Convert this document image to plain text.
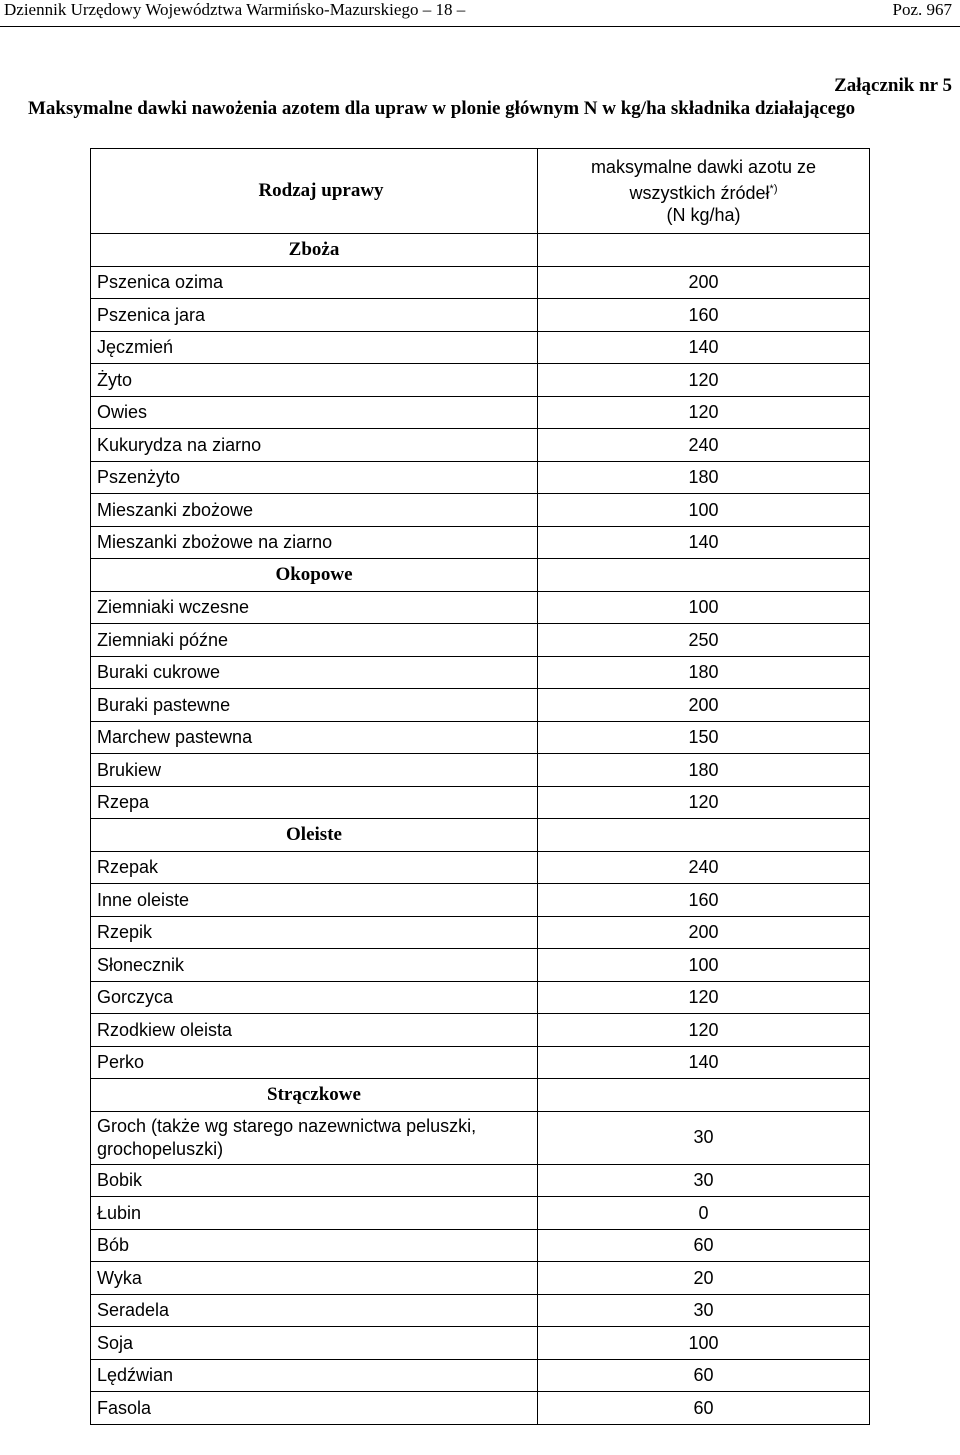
Dziennik Urzędowy Województwa Warmińsko-Mazurskiego – 18 –	Poz. 967
Załącznik nr 5
Maksymalne dawki nawożenia azotem dla upraw w plonie głównym N w kg/ha składnika działającego
Rodzaj uprawy	maksymalne dawki azotu ze
wszystkich źródeł*)
(N kg/ha)
Zboża	
Pszenica ozima	200
Pszenica jara	160
Jęczmień	140
Żyto	120
Owies	120
Kukurydza na ziarno	240
Pszenżyto	180
Mieszanki zbożowe	100
Mieszanki zbożowe na ziarno	140
Okopowe	
Ziemniaki wczesne	100
Ziemniaki późne	250
Buraki cukrowe	180
Buraki pastewne	200
Marchew pastewna	150
Brukiew	180
Rzepa	120
Oleiste	
Rzepak	240
Inne oleiste	160
Rzepik	200
Słonecznik	100
Gorczyca	120
Rzodkiew oleista	120
Perko	140
Strączkowe	
Groch (także wg starego nazewnictwa peluszki, grochopeluszki)	30
Bobik	30
Łubin	0
Bób	60
Wyka	20
Seradela	30
Soja	100
Lędźwian	60
Fasola	60
